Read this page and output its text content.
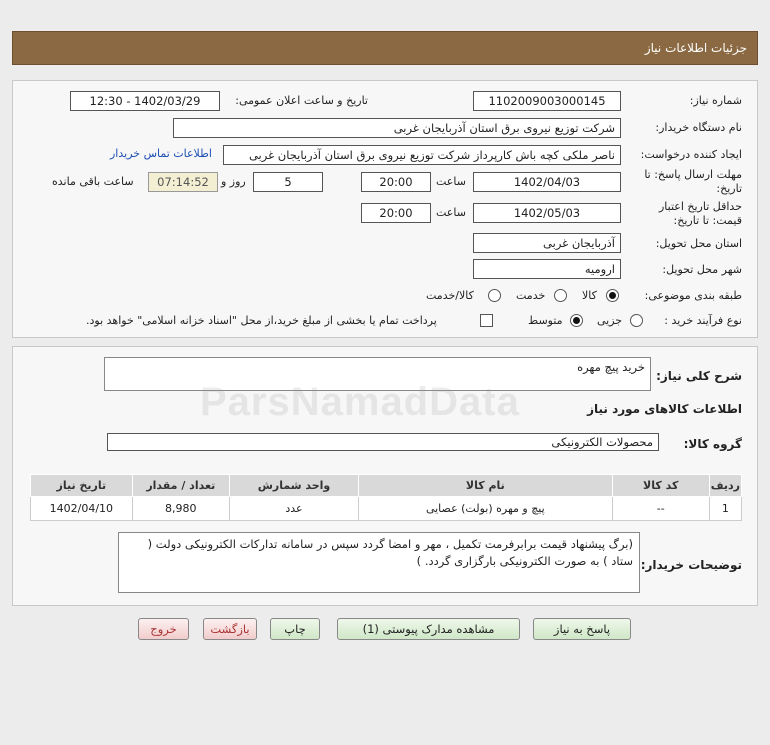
جزئیات اطلاعات نیاز
شماره نیاز:
1102009003000145
تاریخ و ساعت اعلان عمومی:
1402/03/29 - 12:30
نام دستگاه خریدار:
شرکت توزیع نیروی برق استان آذربایجان غربی
ایجاد کننده درخواست:
ناصر ملکی کچه باش کارپرداز شرکت توزیع نیروی برق استان آذربایجان غربی
اطلاعات تماس خریدار
مهلت ارسال پاسخ: تا
تاریخ:
1402/04/03
ساعت
20:00
5
روز و
07:14:52
ساعت باقی مانده
حداقل تاریخ اعتبار
قیمت: تا تاریخ:
1402/05/03
ساعت
20:00
استان محل تحویل:
آذربایجان غربی
شهر محل تحویل:
ارومیه
طبقه بندی موضوعی:
کالا
خدمت
کالا/خدمت
نوع فرآیند خرید :
جزیی
متوسط
پرداخت تمام یا بخشی از مبلغ خرید،از محل "اسناد خزانه اسلامی" خواهد بود.
شرح کلی نیاز:
خرید پیچ مهره
ParsNamadData	اطلاعات کالاهای مورد نیاز
گروه کالا:
محصولات الکترونیکی
ردیف	کد کالا	نام کالا	واحد شمارش	تعداد / مقدار	تاریخ نیاز
1	--	پیچ و مهره (بولت) عصایی	عدد	8,980	1402/04/10
توضیحات خریدار:
(برگ پیشنهاد قیمت برابرفرمت تکمیل ، مهر و امضا گردد سپس در سامانه تدارکات الکترونیکی دولت ( ستاد ) به صورت الکترونیکی بارگزاری گردد. )
پاسخ به نیاز
مشاهده مدارک پیوستی (1)
چاپ
بازگشت
خروج
